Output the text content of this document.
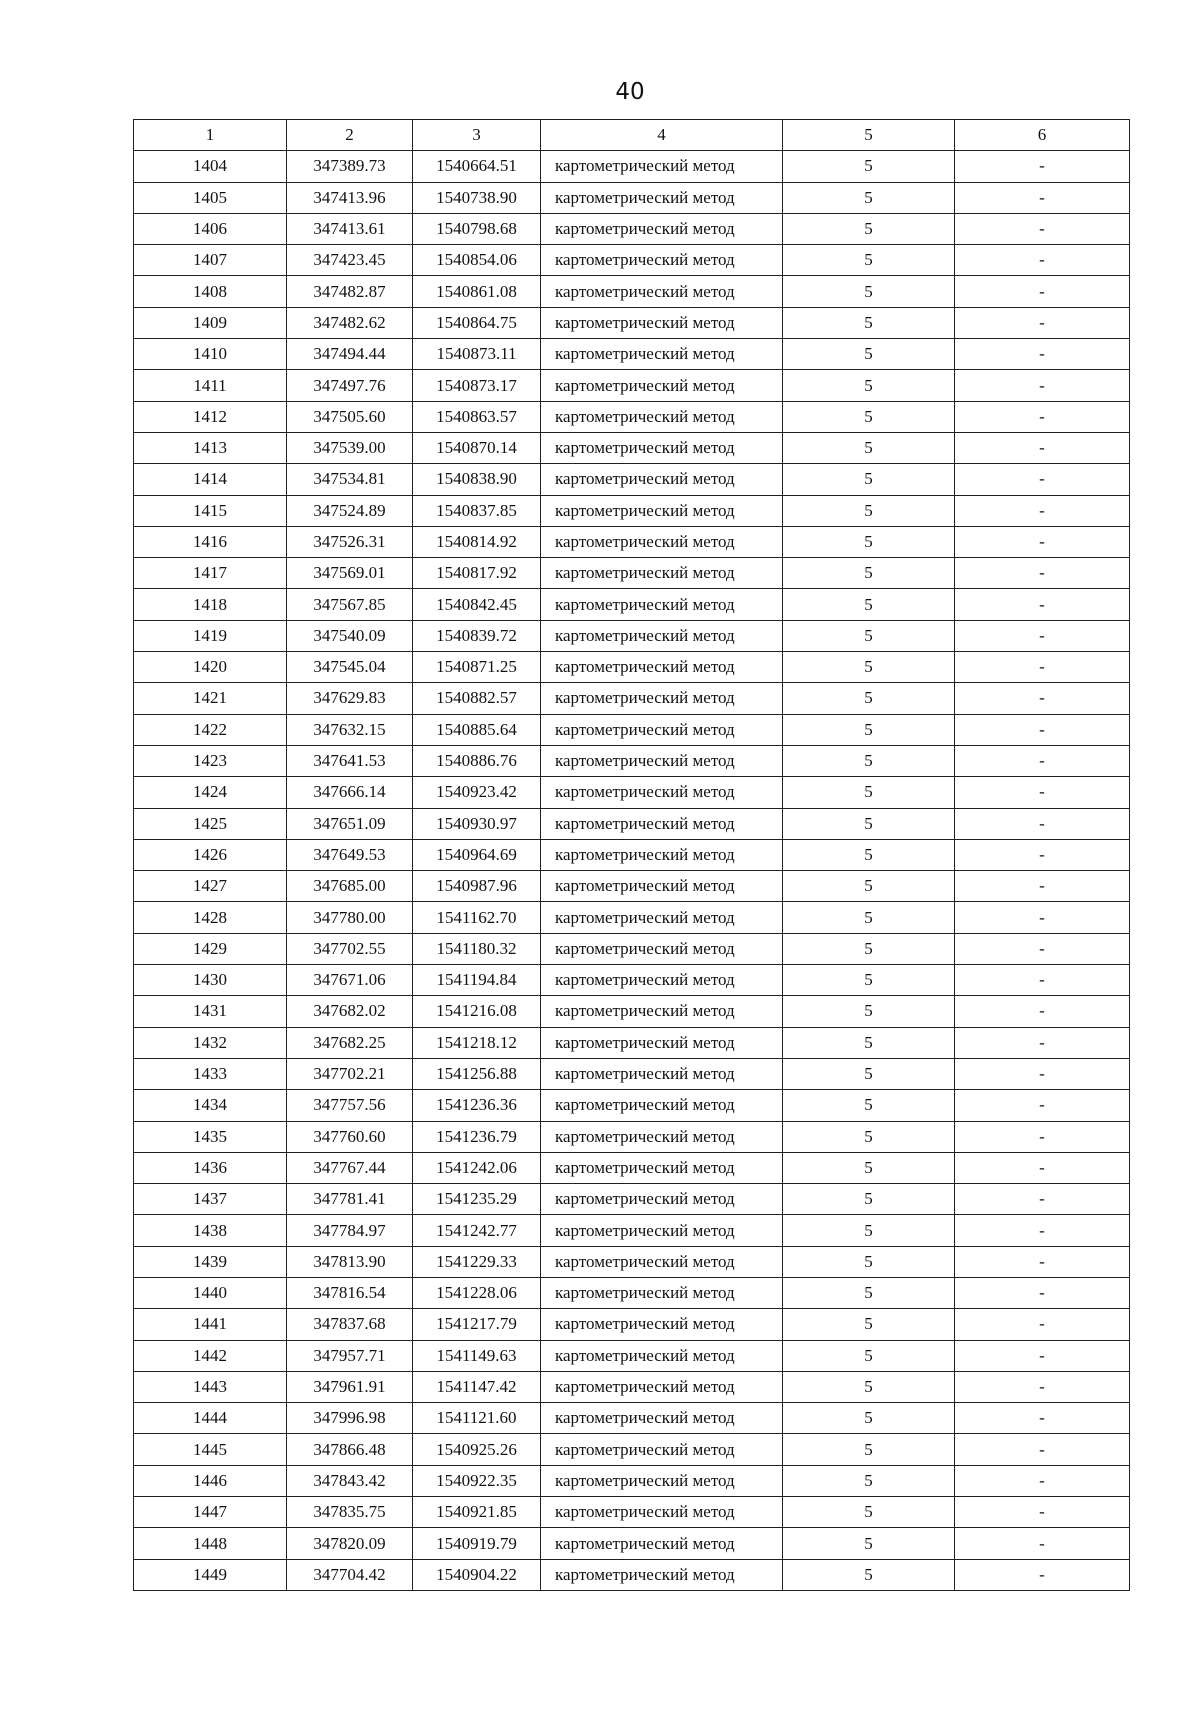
40
1	2	3	4	5	6
1404	347389.73	1540664.51	картометрический метод	5	-
1405	347413.96	1540738.90	картометрический метод	5	-
1406	347413.61	1540798.68	картометрический метод	5	-
1407	347423.45	1540854.06	картометрический метод	5	-
1408	347482.87	1540861.08	картометрический метод	5	-
1409	347482.62	1540864.75	картометрический метод	5	-
1410	347494.44	1540873.11	картометрический метод	5	-
1411	347497.76	1540873.17	картометрический метод	5	-
1412	347505.60	1540863.57	картометрический метод	5	-
1413	347539.00	1540870.14	картометрический метод	5	-
1414	347534.81	1540838.90	картометрический метод	5	-
1415	347524.89	1540837.85	картометрический метод	5	-
1416	347526.31	1540814.92	картометрический метод	5	-
1417	347569.01	1540817.92	картометрический метод	5	-
1418	347567.85	1540842.45	картометрический метод	5	-
1419	347540.09	1540839.72	картометрический метод	5	-
1420	347545.04	1540871.25	картометрический метод	5	-
1421	347629.83	1540882.57	картометрический метод	5	-
1422	347632.15	1540885.64	картометрический метод	5	-
1423	347641.53	1540886.76	картометрический метод	5	-
1424	347666.14	1540923.42	картометрический метод	5	-
1425	347651.09	1540930.97	картометрический метод	5	-
1426	347649.53	1540964.69	картометрический метод	5	-
1427	347685.00	1540987.96	картометрический метод	5	-
1428	347780.00	1541162.70	картометрический метод	5	-
1429	347702.55	1541180.32	картометрический метод	5	-
1430	347671.06	1541194.84	картометрический метод	5	-
1431	347682.02	1541216.08	картометрический метод	5	-
1432	347682.25	1541218.12	картометрический метод	5	-
1433	347702.21	1541256.88	картометрический метод	5	-
1434	347757.56	1541236.36	картометрический метод	5	-
1435	347760.60	1541236.79	картометрический метод	5	-
1436	347767.44	1541242.06	картометрический метод	5	-
1437	347781.41	1541235.29	картометрический метод	5	-
1438	347784.97	1541242.77	картометрический метод	5	-
1439	347813.90	1541229.33	картометрический метод	5	-
1440	347816.54	1541228.06	картометрический метод	5	-
1441	347837.68	1541217.79	картометрический метод	5	-
1442	347957.71	1541149.63	картометрический метод	5	-
1443	347961.91	1541147.42	картометрический метод	5	-
1444	347996.98	1541121.60	картометрический метод	5	-
1445	347866.48	1540925.26	картометрический метод	5	-
1446	347843.42	1540922.35	картометрический метод	5	-
1447	347835.75	1540921.85	картометрический метод	5	-
1448	347820.09	1540919.79	картометрический метод	5	-
1449	347704.42	1540904.22	картометрический метод	5	-
